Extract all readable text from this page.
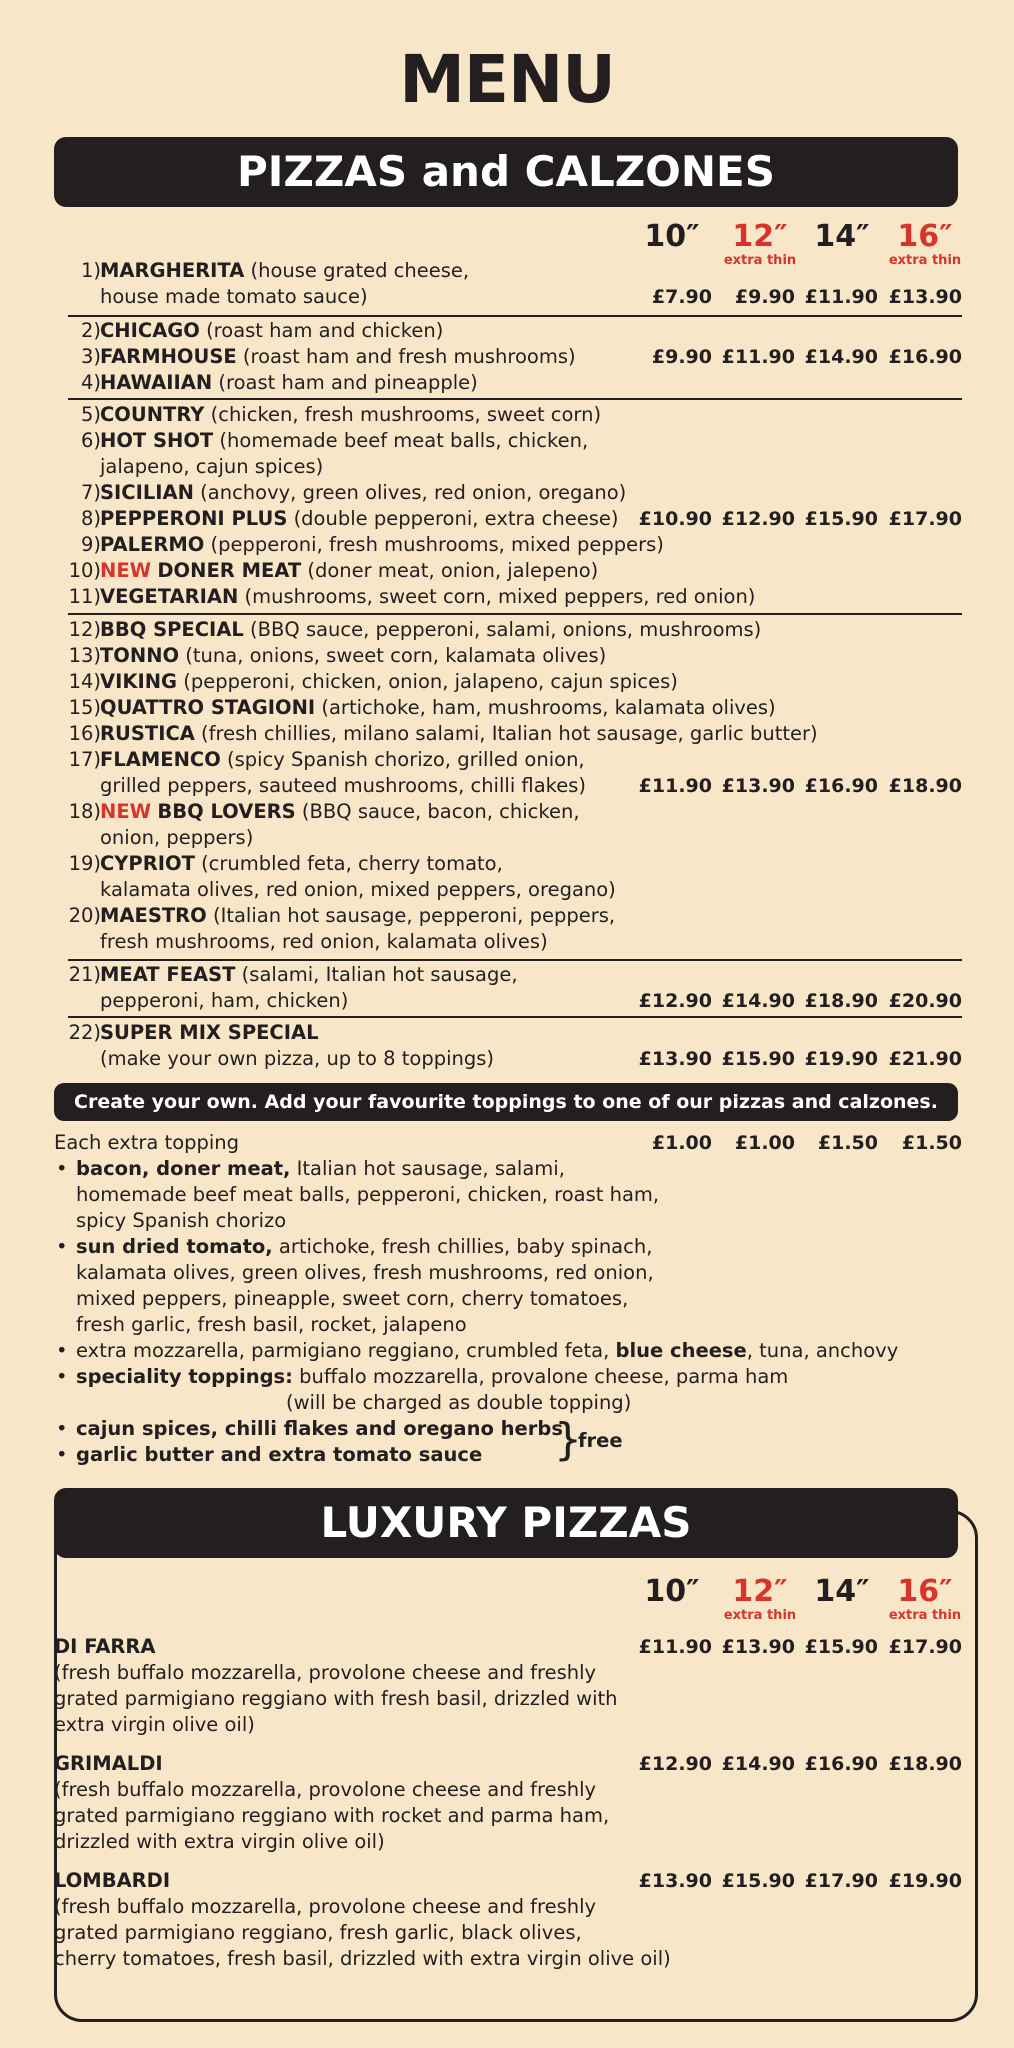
MENU
PIZZAS and CALZONES
10″	12″
extra thin
14″ 16″
extra thin
1) MARGHERITA (house grated cheese,
house made tomato sauce)	£7.90	£9.90 £11.90 £13.90
2) CHICAGO (roast ham and chicken)
3) FARMHOUSE (roast ham and fresh mushrooms)	£9.90 £11.90 £14.90 £16.90
4) HAWAIIAN (roast ham and pineapple)
5) COUNTRY (chicken, fresh mushrooms, sweet corn)
6) HOT SHOT (homemade beef meat balls, chicken,
jalapeno, cajun spices)
7) SICILIAN (anchovy, green olives, red onion, oregano)
8) PEPPERONI PLUS (double pepperoni, extra cheese)	£10.90 £12.90 £15.90 £17.90
9) PALERMO (pepperoni, fresh mushrooms, mixed peppers)
10) NEW DONER MEAT (doner meat, onion, jalepeno)
11) VEGETARIAN (mushrooms, sweet corn, mixed peppers, red onion)
12) BBQ SPECIAL (BBQ sauce, pepperoni, salami, onions, mushrooms)
13) TONNO (tuna, onions, sweet corn, kalamata olives)
14) VIKING (pepperoni, chicken, onion, jalapeno, cajun spices)
15) QUATTRO STAGIONI (artichoke, ham, mushrooms, kalamata olives)
16) RUSTICA (fresh chillies, milano salami, Italian hot sausage, garlic butter)
17) FLAMENCO (spicy Spanish chorizo, grilled onion,
grilled peppers, sauteed mushrooms, chilli flakes)	£11.90 £13.90 £16.90 £18.90
18) NEW BBQ LOVERS (BBQ sauce, bacon, chicken,
onion, peppers)
19) CYPRIOT (crumbled feta, cherry tomato,
kalamata olives, red onion, mixed peppers, oregano)
20) MAESTRO (Italian hot sausage, pepperoni, peppers,
fresh mushrooms, red onion, kalamata olives)
21) MEAT FEAST (salami, Italian hot sausage,
pepperoni, ham, chicken)	£12.90 £14.90 £18.90 £20.90
22) SUPER MIX SPECIAL
(make your own pizza, up to 8 toppings)	£13.90 £15.90 £19.90 £21.90
Create your own. Add your favourite toppings to one of our pizzas and calzones.
Each extra topping	£1.00	£1.00	£1.50	£1.50
• bacon, doner meat, Italian hot sausage, salami,
homemade beef meat balls, pepperoni, chicken, roast ham,
spicy Spanish chorizo
• sun dried tomato, artichoke, fresh chillies, baby spinach,
kalamata olives, green olives, fresh mushrooms, red onion,
mixed peppers, pineapple, sweet corn, cherry tomatoes,
fresh garlic, fresh basil, rocket, jalapeno
• extra mozzarella, parmigiano reggiano, crumbled feta, blue cheese, tuna, anchovy
• speciality toppings: buffalo mozzarella, provalone cheese, parma ham
(will be charged as double topping)
• cajun spices, chilli flakes and oregano herbs
• garlic butter and extra tomato sauce }
free
LUXURY PIZZAS
10″	12″
extra thin
14″ 16″
extra thin
DI FARRA	£11.90 £13.90 £15.90 £17.90
(fresh buffalo mozzarella, provolone cheese and freshly
grated parmigiano reggiano with fresh basil, drizzled with
extra virgin olive oil)
GRIMALDI	£12.90 £14.90 £16.90 £18.90
(fresh buffalo mozzarella, provolone cheese and freshly
grated parmigiano reggiano with rocket and parma ham,
drizzled with extra virgin olive oil)
LOMBARDI	£13.90 £15.90 £17.90 £19.90
(fresh buffalo mozzarella, provolone cheese and freshly
grated parmigiano reggiano, fresh garlic, black olives,
cherry tomatoes, fresh basil, drizzled with extra virgin olive oil)
